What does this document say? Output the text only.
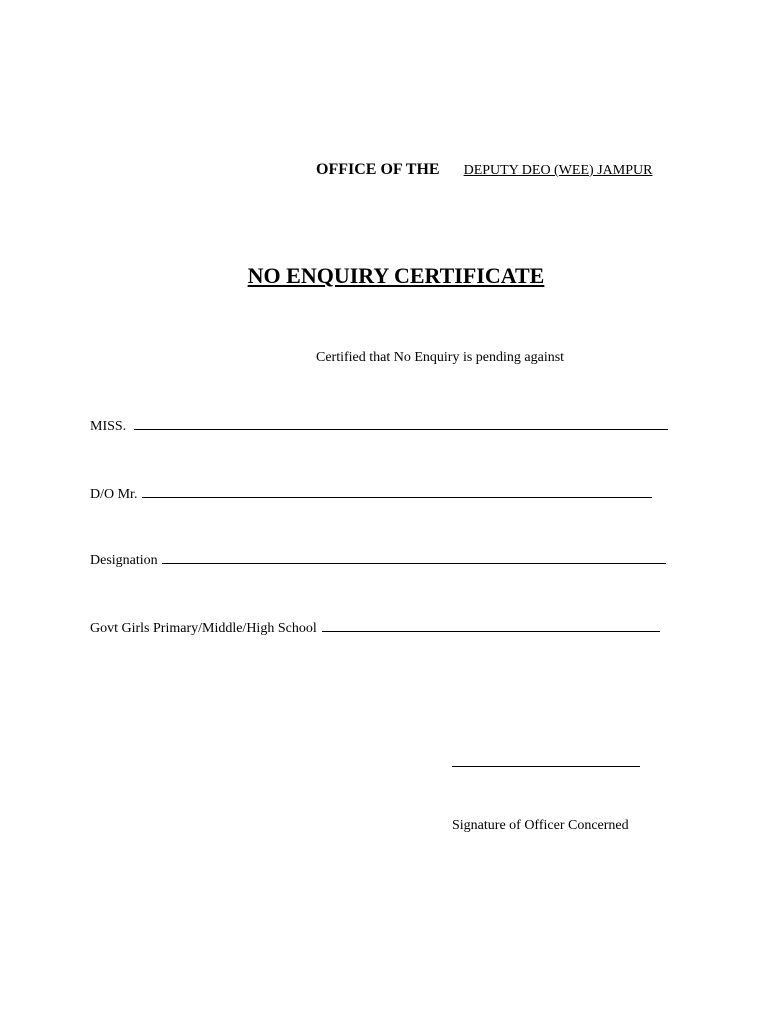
OFFICE OF THE DEPUTY DEO (WEE) JAMPUR
NO ENQUIRY CERTIFICATE
Certified that No Enquiry is pending against
MISS.
D/O Mr.
Designation
Govt Girls Primary/Middle/High School
Signature of Officer Concerned
